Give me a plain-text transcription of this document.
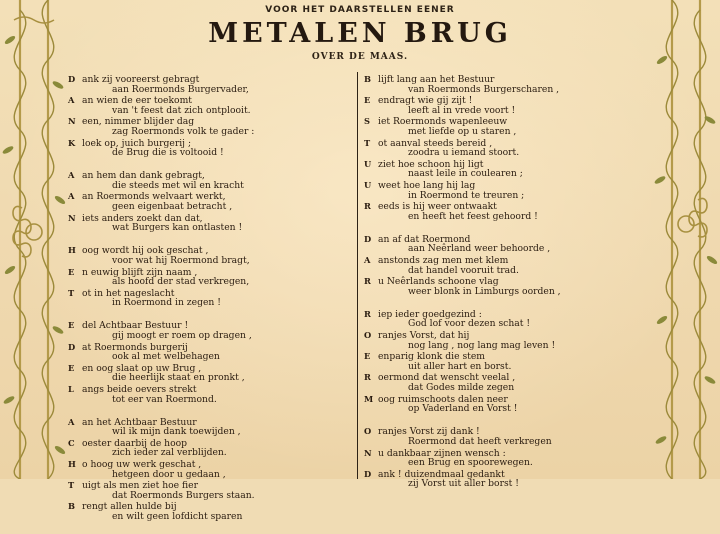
VOOR HET DAARSTELLEN EENER
METALEN BRUG
OVER DE MAAS.
D ank zij vooreerst gebragt
aan Roermonds Burgervader,
A an wien de eer toekomt
van 't feest dat zich ontplooit.
N een, nimmer blijder dag
zag Roermonds volk te gader :
K loek op, juich burgerij ;
de Brug die is voltooid !
A an hem dan dank gebragt,
die steeds met wil en kracht
A an Roermonds welvaart werkt,
geen eigenbaat betracht ,
N iets anders zoekt dan dat,
wat Burgers kan ontlasten !
H oog wordt hij ook geschat ,
voor wat hij Roermond bragt,
E n euwig blijft zijn naam ,
als hoofd der stad verkregen,
T ot in het nageslacht
in Roermond in zegen !
E del Achtbaar Bestuur !
gij moogt er roem op dragen ,
D at Roermonds burgerij
ook al met welbehagen
E en oog slaat op uw Brug ,
die heerlijk staat en pronkt ,
L angs beide oevers strekt
tot eer van Roermond.
A an het Achtbaar Bestuur
wil ik mijn dank toewijden ,
C oester daarbij de hoop
zich ieder zal verblijden.
H o hoog uw werk geschat ,
hetgeen door u gedaan ,
T uigt als men ziet hoe fier
dat Roermonds Burgers staan.
B rengt allen hulde bij
en wilt geen lofdicht sparen
B lijft lang aan het Bestuur
van Roermonds Burgerscharen ,
E endragt wie gij zijt !
leeft al in vrede voort !
S iet Roermonds wapenleeuw
met liefde op u staren ,
T ot aanval steeds bereid ,
zoodra u iemand stoort.
U ziet hoe schoon hij ligt
naast leile in coulearen ;
U weet hoe lang hij lag
in Roermond te treuren ;
R eeds is hij weer ontwaakt
en heeft het feest gehoord !
D an af dat Roermond
aan Neêrland weer behoorde ,
A anstonds zag men met klem
dat handel vooruit trad.
R u Neêrlands schoone vlag
weer blonk in Limburgs oorden ,
R iep ieder goedgezind :
God lof voor dezen schat !
O ranjes Vorst, dat hij
nog lang , nog lang mag leven !
E enparig klonk die stem
uit aller hart en borst.
R oermond dat wenscht veelal ,
dat Godes milde zegen
M oog ruimschoots dalen neer
op Vaderland en Vorst !
O ranjes Vorst zij dank !
Roermond dat heeft verkregen
N u dankbaar zijnen wensch :
een Brug en spoorewegen.
D ank ! duizendmaal gedankt
zij Vorst uit aller borst !
